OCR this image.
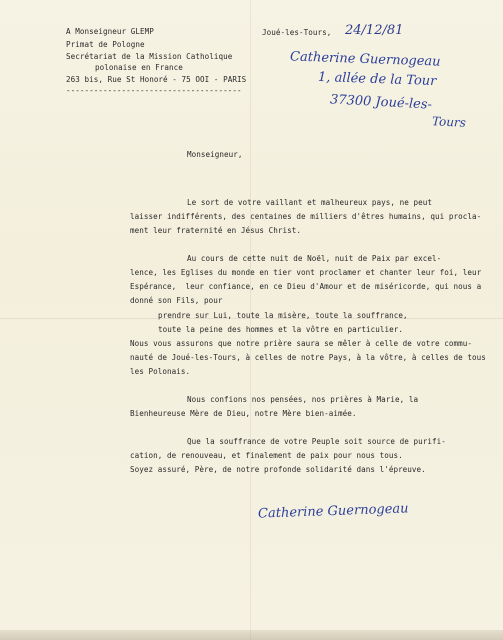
A Monseigneur GLEMP
Primat de Pologne
Secrétariat de la Mission Catholique
polonaise en France
263 bis, Rue St Honoré - 75 OOI - PARIS
--------------------------------------
Joué-les-Tours, 24/12/81
Catherine Guernogeau
1, allée de la Tour
37300 Joué-les-
Tours
Monseigneur,
Le sort de votre vaillant et malheureux pays, ne peut
laisser indifférents, des centaines de milliers d'êtres humains, qui procla-
ment leur fraternité en Jésus Christ.
Au cours de cette nuit de Noël, nuit de Paix par excel-
lence, les Eglises du monde en tier vont proclamer et chanter leur foi, leur
Espérance,  leur confiance, en ce Dieu d'Amour et de miséricorde, qui nous a
donné son Fils, pour
prendre sur Lui, toute la misère, toute la souffrance,
toute la peine des hommes et la vôtre en particulier.
Nous vous assurons que notre prière saura se mêler à celle de votre commu-
nauté de Joué-les-Tours, à celles de notre Pays, à la vôtre, à celles de tous
les Polonais.
Nous confions nos pensées, nos prières à Marie, la
Bienheureuse Mère de Dieu, notre Mère bien-aimée.
Que la souffrance de votre Peuple soit source de purifi-
cation, de renouveau, et finalement de paix pour nous tous.
Soyez assuré, Père, de notre profonde solidarité dans l'épreuve.
Catherine Guernogeau
